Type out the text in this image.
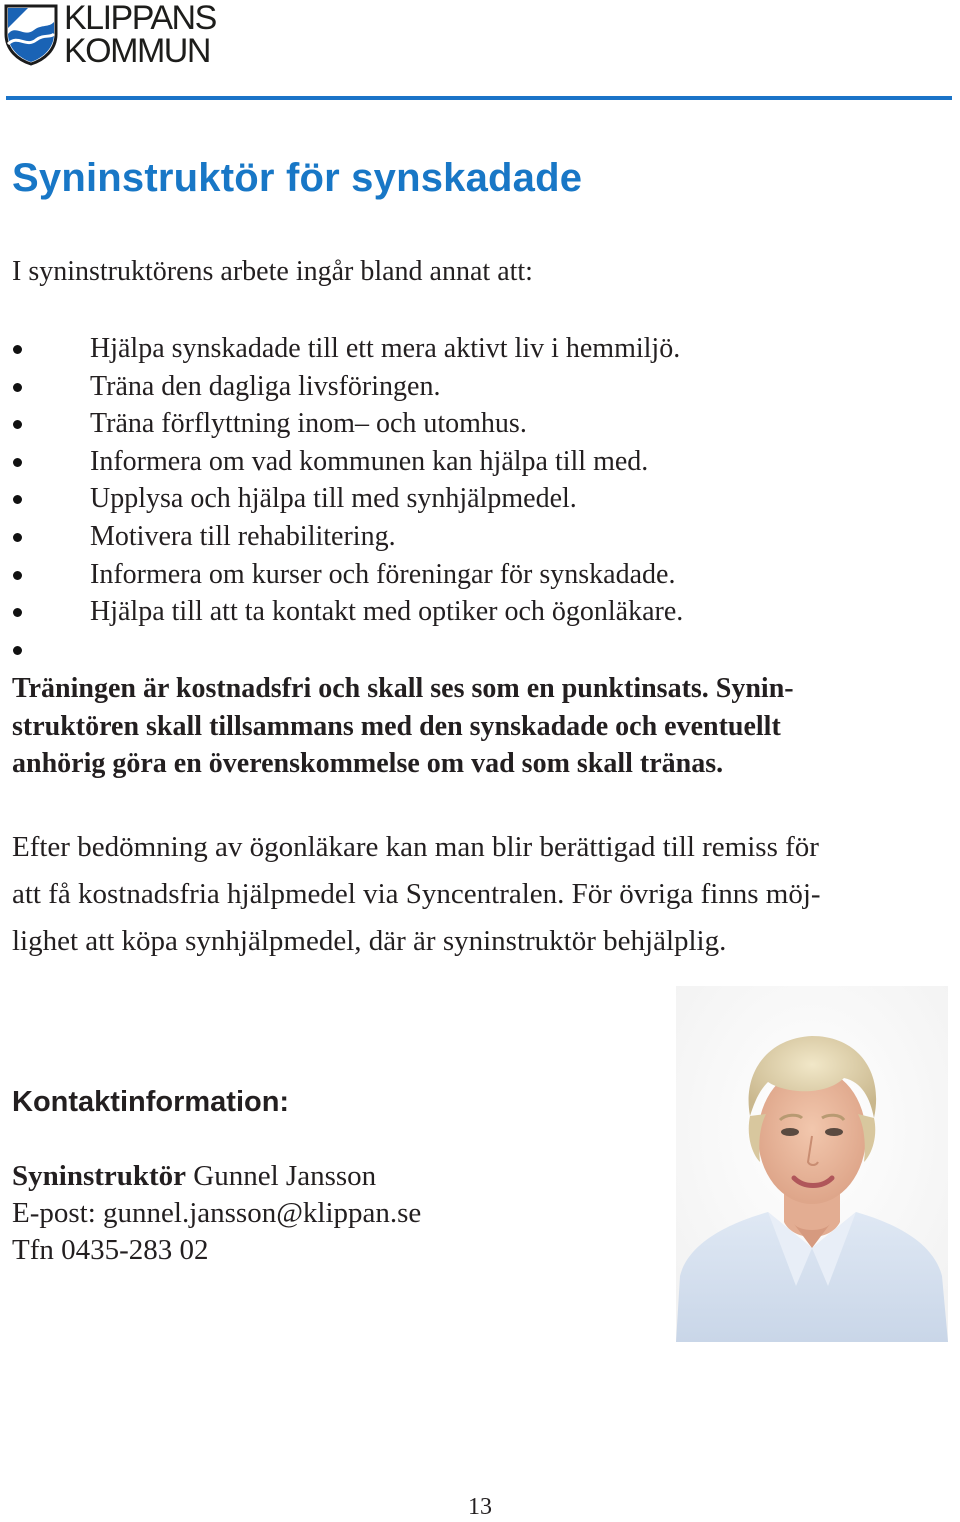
KLIPPANS
KOMMUN
Syninstruktör för synskadade

I syninstruktörens arbete ingår bland annat att:

Hjälpa synskadade till ett mera aktivt liv i hemmiljö.
Träna den dagliga livsföringen.
Träna förflyttning inom– och utomhus.
Informera om vad kommunen kan hjälpa till med.
Upplysa och hjälpa till med synhjälpmedel.
Motivera till rehabilitering.
Informera om kurser och föreningar för synskadade.
Hjälpa till att ta kontakt med optiker och ögonläkare.

Träningen är kostnadsfri och skall ses som en punktinsats. Synin-
struktören skall tillsammans med den synskadade och eventuellt
anhörig göra en överenskommelse om vad som skall tränas.

Efter bedömning av ögonläkare kan man blir berättigad till remiss för
att få kostnadsfria hjälpmedel via Syncentralen. För övriga finns möj-
lighet att köpa synhjälpmedel, där är syninstruktör behjälplig.

Kontaktinformation:
Syninstruktör Gunnel Jansson
E-post: gunnel.jansson@klippan.se
Tfn 0435-283 02
13
